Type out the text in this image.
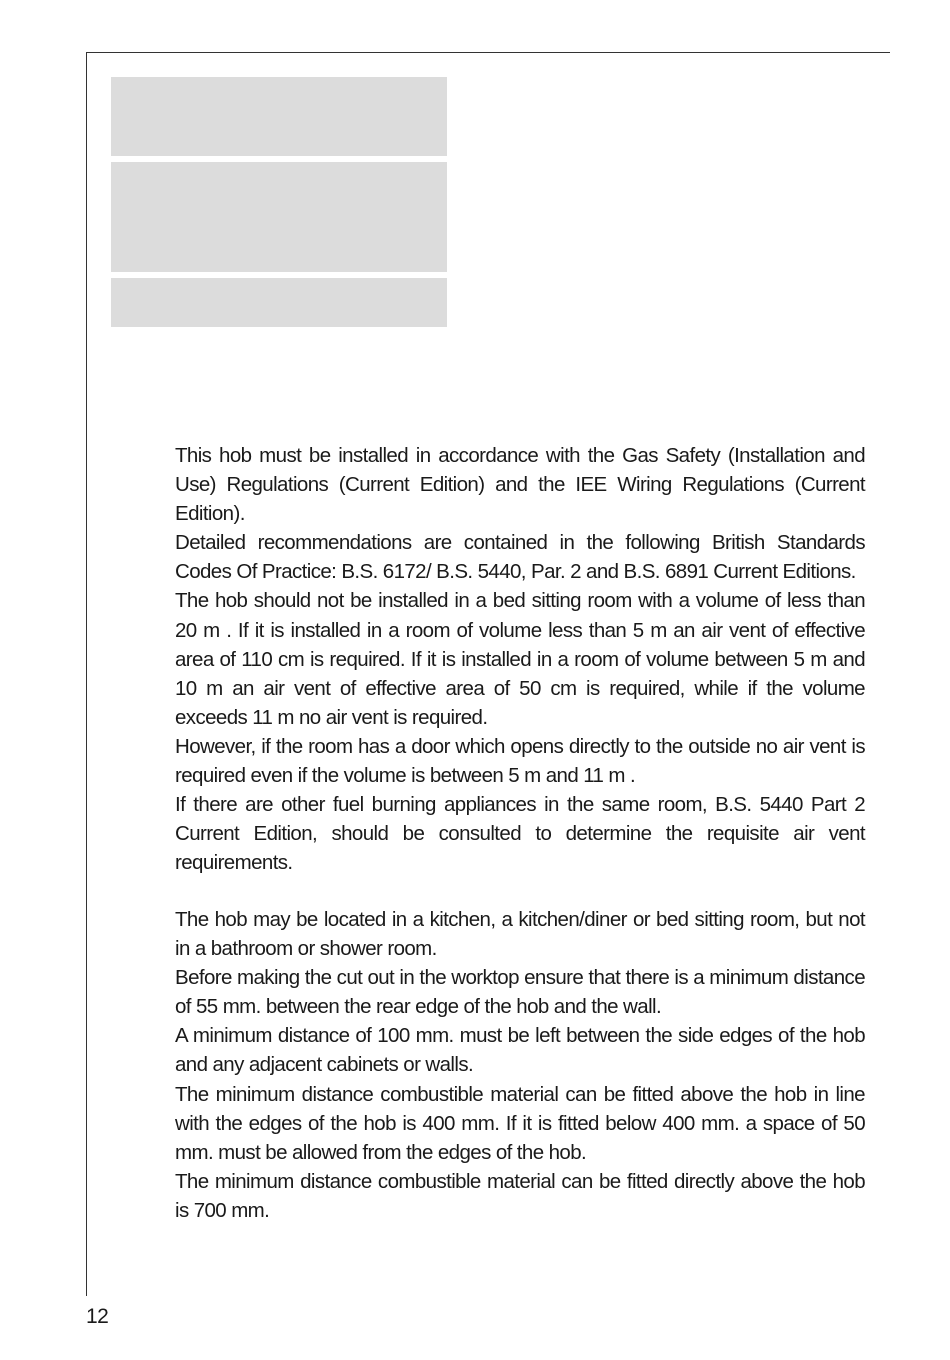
This hob must be installed in accordance with the Gas Safety (Installation and Use) Regulations (Current Edition) and the IEE Wiring Regulations (Current Edition).

Detailed recommendations are contained in the following British Standards Codes Of Practice: B.S. 6172/ B.S. 5440, Par. 2 and B.S. 6891 Current Editions.

The hob should not be installed in a bed sitting room with a volume of less than 20 m . If it is installed in a room of volume less than 5 m an air vent of effective area of 110 cm is required. If it is installed in a room of volume between 5 m and 10 m an air vent of effective area of 50 cm is required, while if the volume exceeds 11 m no air vent is required.

However, if the room has a door which opens directly to the outside no air vent is required even if the volume is between 5 m and 11 m .

If there are other fuel burning appliances in the same room, B.S. 5440 Part 2 Current Edition, should be consulted to determine the requisite air vent requirements.

The hob may be located in a kitchen, a kitchen/diner or bed sitting room, but not in a bathroom or shower room.

Before making the cut out in the worktop ensure that there is a minimum distance of 55 mm. between the rear edge of the hob and the wall.

A minimum distance of 100 mm. must be left between the side edges of the hob and any adjacent cabinets or walls.

The minimum distance combustible material can be fitted above the hob in line with the edges of the hob is 400 mm. If it is fitted below 400 mm. a space of 50 mm. must be allowed from the edges of the hob.

The minimum distance combustible material can be fitted directly above the hob is 700 mm.

12
